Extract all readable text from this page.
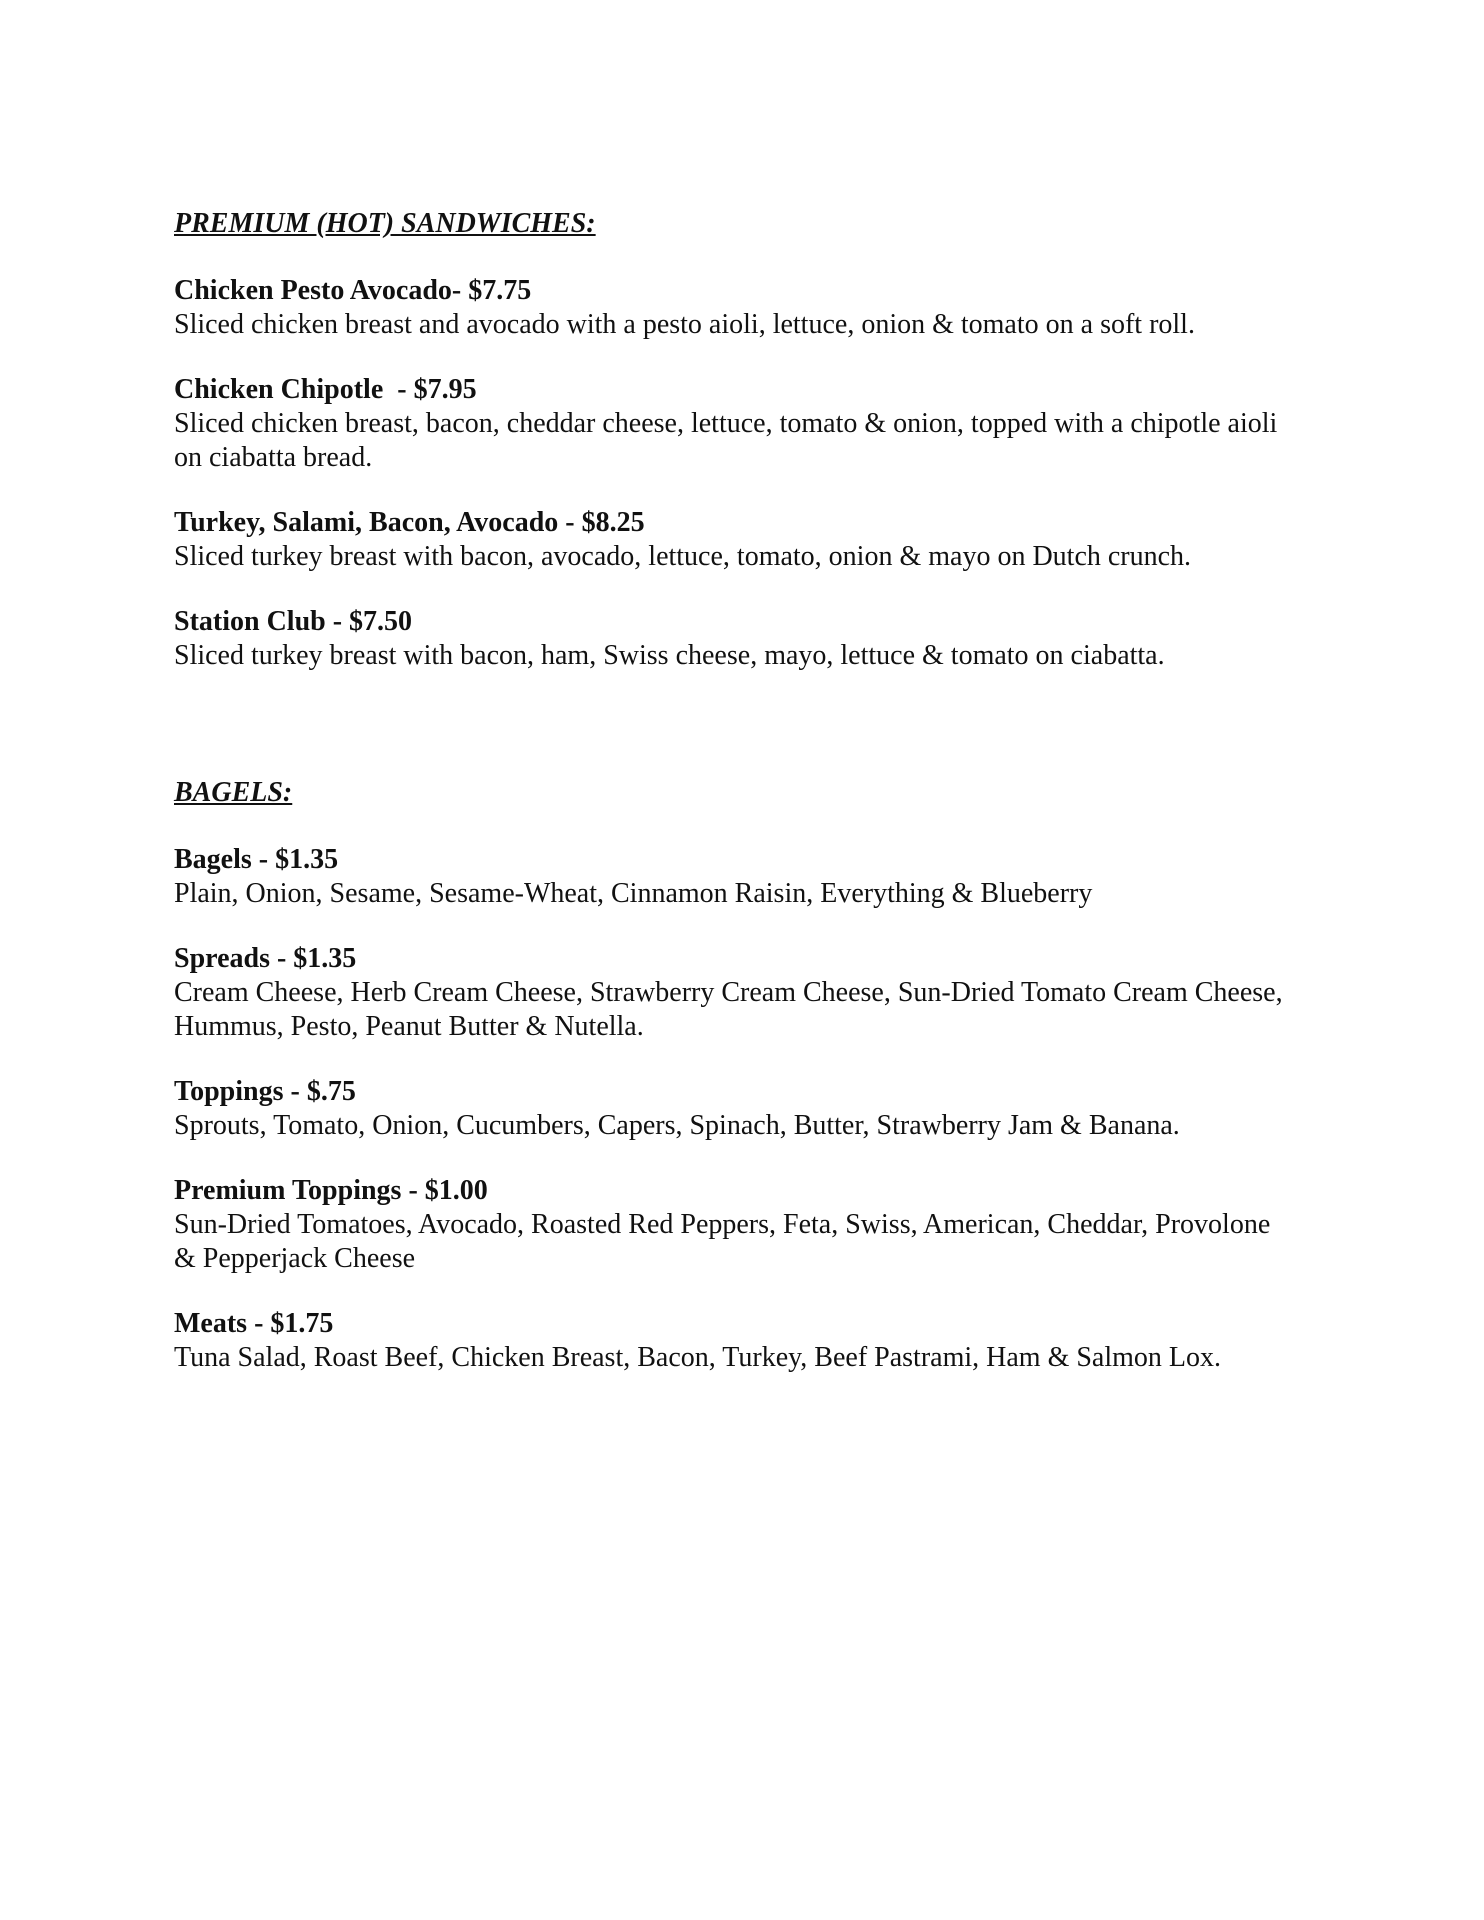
PREMIUM (HOT) SANDWICHES:
Chicken Pesto Avocado- $7.75
Sliced chicken breast and avocado with a pesto aioli, lettuce, onion & tomato on a soft roll.
Chicken Chipotle  - $7.95
Sliced chicken breast, bacon, cheddar cheese, lettuce, tomato & onion, topped with a chipotle aioli on ciabatta bread.
Turkey, Salami, Bacon, Avocado - $8.25
Sliced turkey breast with bacon, avocado, lettuce, tomato, onion & mayo on Dutch crunch.
Station Club - $7.50
Sliced turkey breast with bacon, ham, Swiss cheese, mayo, lettuce & tomato on ciabatta.
BAGELS:
Bagels - $1.35
Plain, Onion, Sesame, Sesame-Wheat, Cinnamon Raisin, Everything & Blueberry
Spreads - $1.35
Cream Cheese, Herb Cream Cheese, Strawberry Cream Cheese, Sun-Dried Tomato Cream Cheese, Hummus, Pesto, Peanut Butter & Nutella.
Toppings - $.75
Sprouts, Tomato, Onion, Cucumbers, Capers, Spinach, Butter, Strawberry Jam & Banana.
Premium Toppings - $1.00
Sun-Dried Tomatoes, Avocado, Roasted Red Peppers, Feta, Swiss, American, Cheddar, Provolone & Pepperjack Cheese
Meats - $1.75
Tuna Salad, Roast Beef, Chicken Breast, Bacon, Turkey, Beef Pastrami, Ham & Salmon Lox.
